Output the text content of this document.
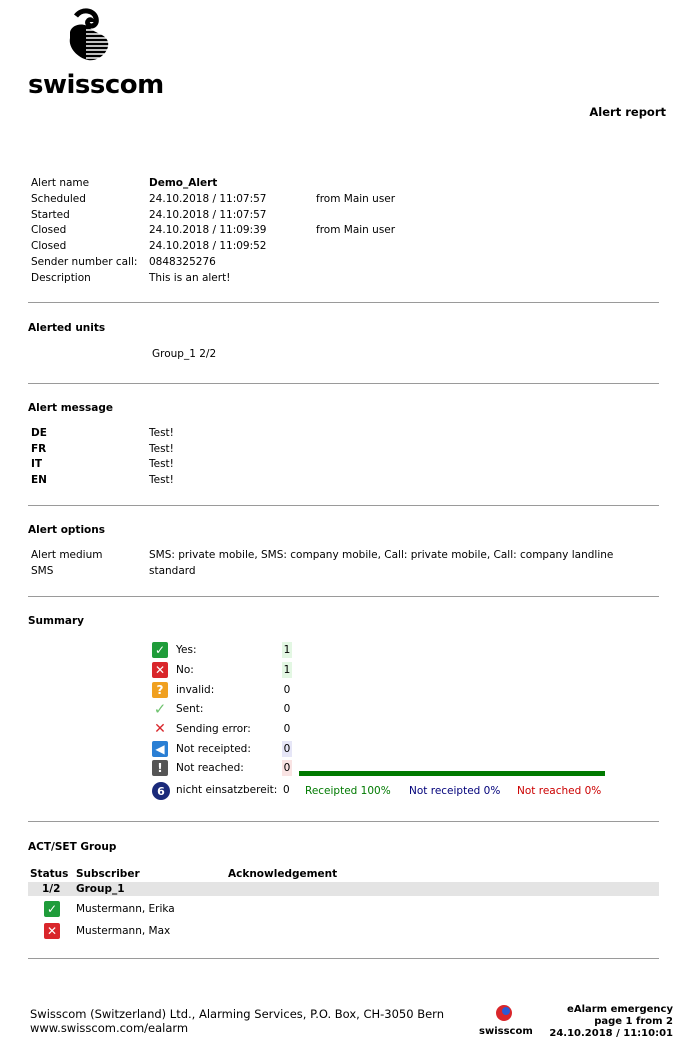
swisscom
Alert report
Alert name	Demo_Alert
Scheduled	24.10.2018 / 11:07:57	from Main user
Started	24.10.2018 / 11:07:57
Closed	24.10.2018 / 11:09:39	from Main user
Closed	24.10.2018 / 11:09:52
Sender number call: 0848325276
Description	This is an alert!
Alerted units
Group_1 2/2
Alert message
DE	Test!
FR	Test!
IT	Test!
EN	Test!
Alert options
Alert medium	SMS: private mobile, SMS: company mobile, Call: private mobile, Call: company landline
SMS	standard
Summary
✓ Yes:	1
✕ No:	1
?	invalid:	0
✓ Sent:	0
✕ Sending error:	0
◀	Not receipted:	0
!	Not reached:	0
6	nicht einsatzbereit: 0 Receipted 100% Not receipted 0% Not reached 0%
ACT/SET Group
Status Subscriber	Acknowledgement
1/2 Group_1
✓ Mustermann, Erika
✕ Mustermann, Max
Swisscom (Switzerland) Ltd., Alarming Services, P.O. Box, CH-3050 Bern
www.swisscom.com/ealarm	swisscom
eAlarm emergency
page 1 from 2
24.10.2018 / 11:10:01
